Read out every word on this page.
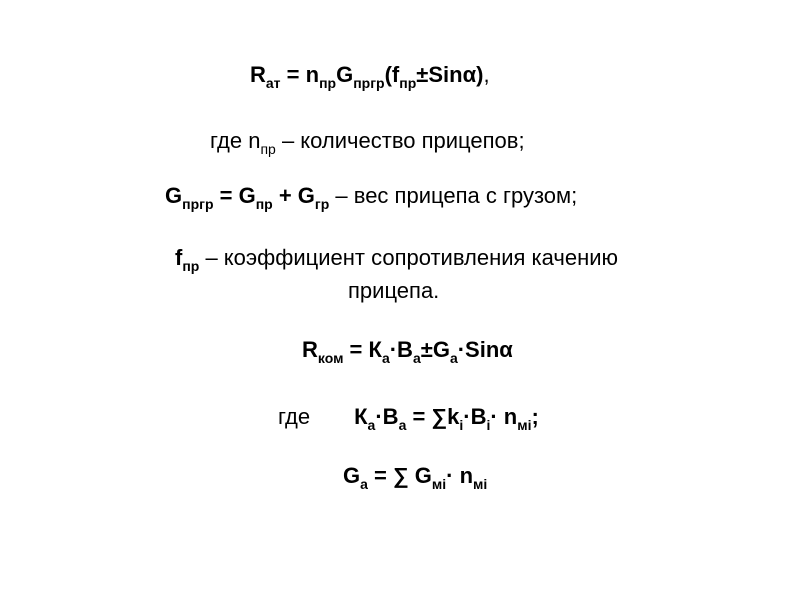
$R_{ат} = n_{пр}G_{пргр}(f_{пр}\pm Sin\alpha)$,
где $n_{пр}$ – количество прицепов;
$G_{пргр} = G_{пр} + G_{гр}$ – вес прицепа с грузом;
$f_{пр}$ – коэффициент сопротивления качению
прицепа.
$R_{ком} = К_а\cdot В_а\pm G_а\cdot Sin\alpha$
где $К_а\cdot В_а = \sum k_i\cdot B_i\cdot n_{мi}$;
$G_а$ = ∑ $G_{мi}\cdot n_{мi}$
